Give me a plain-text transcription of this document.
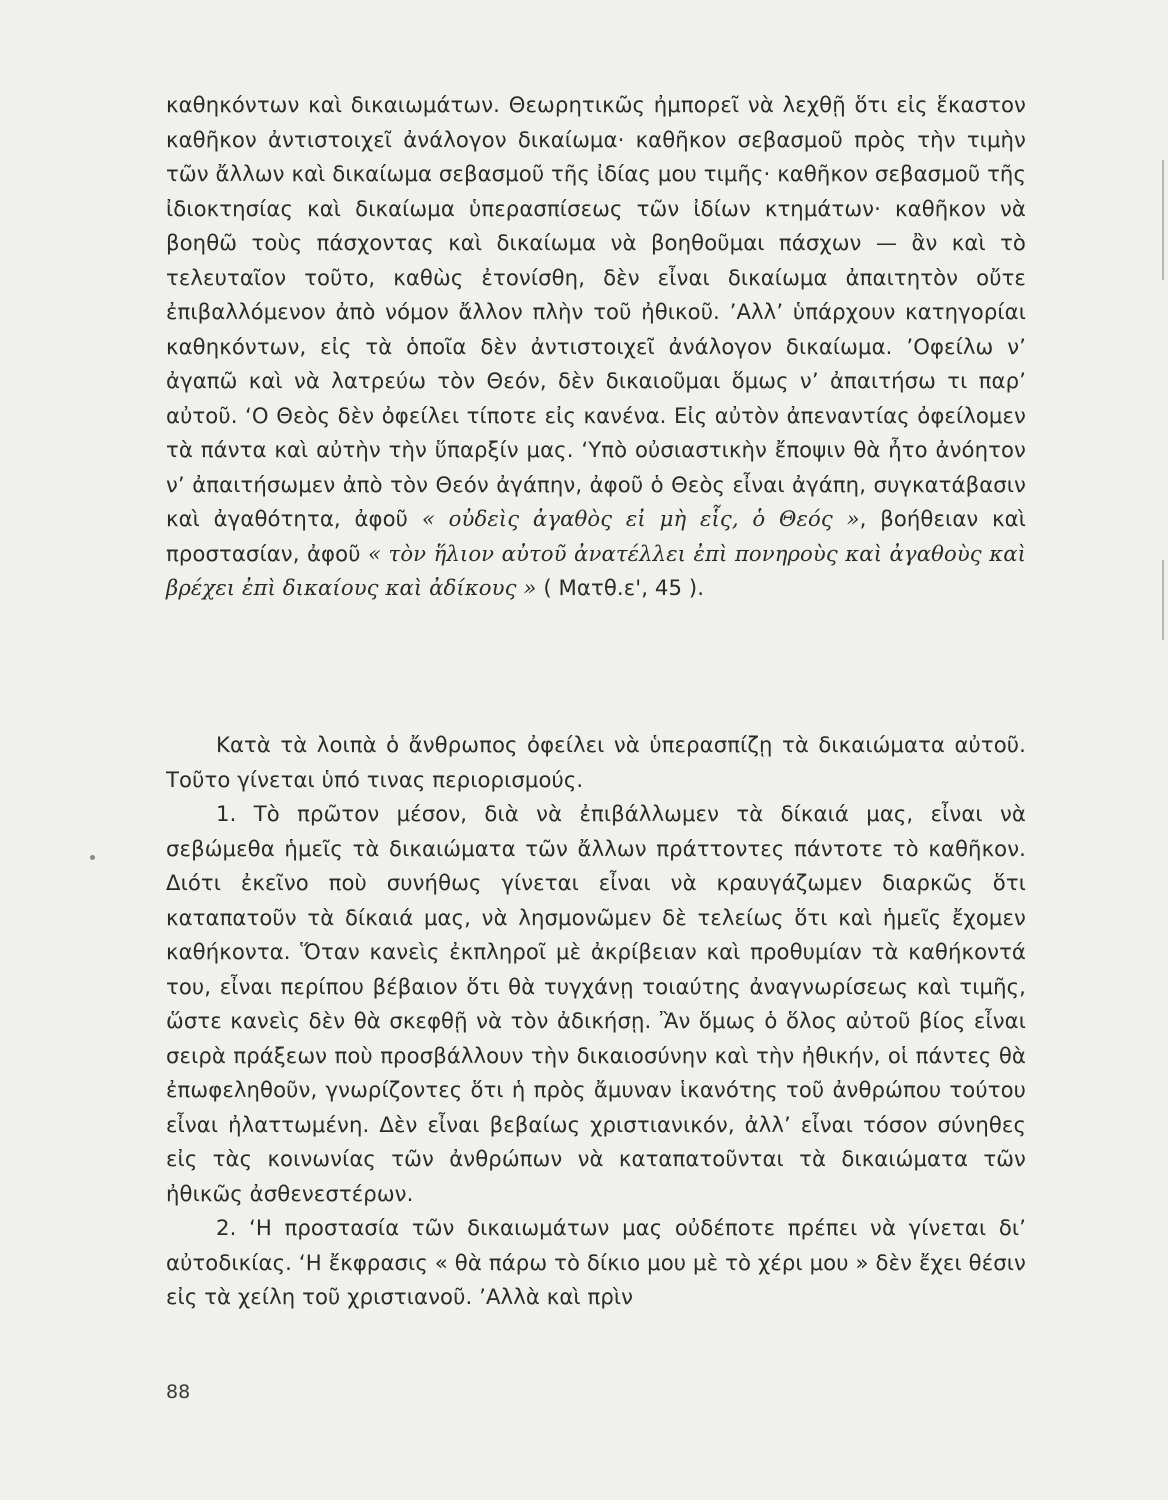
καθηκόντων καὶ δικαιωμάτων. Θεωρητικῶς ἠμπορεῖ νὰ λεχθῇ ὅτι εἰς ἕκαστον καθῆκον ἀντιστοιχεῖ ἀνάλογον δικαίωμα· καθῆκον σεβασμοῦ πρὸς τὴν τιμὴν τῶν ἄλλων καὶ δικαίωμα σεβασμοῦ τῆς ἰδίας μου τιμῆς· καθῆκον σεβασμοῦ τῆς ἰδιοκτησίας καὶ δικαίωμα ὑπερασπίσεως τῶν ἰδίων κτημάτων· καθῆκον νὰ βοηθῶ τοὺς πάσχοντας καὶ δικαίωμα νὰ βοηθοῦμαι πάσχων — ἂν καὶ τὸ τελευταῖον τοῦτο, καθὼς ἐτονίσθη, δὲν εἶναι δικαίωμα ἀπαιτητὸν οὔτε ἐπιβαλλόμενον ἀπὸ νόμον ἄλλον πλὴν τοῦ ἠθικοῦ. ’Αλλ’ ὑπάρχουν κατηγορίαι καθηκόντων, εἰς τὰ ὁποῖα δὲν ἀντιστοιχεῖ ἀνάλογον δικαίωμα. ’Οφείλω ν’ ἀγαπῶ καὶ νὰ λατρεύω τὸν Θεόν, δὲν δικαιοῦμαι ὅμως ν’ ἀπαιτήσω τι παρ’ αὐτοῦ. ‘Ο Θεὸς δὲν ὀφείλει τίποτε εἰς κανένα. Εἰς αὐτὸν ἀπεναντίας ὀφείλομεν τὰ πάντα καὶ αὐτὴν τὴν ὕπαρξίν μας. ‘Υπὸ οὐσιαστικὴν ἔποψιν θὰ ἦτο ἀνόητον ν’ ἀπαιτήσωμεν ἀπὸ τὸν Θεόν ἀγάπην, ἀφοῦ ὁ Θεὸς εἶναι ἀγάπη, συγκατάβασιν καὶ ἀγαθότητα, ἀφοῦ « οὐδεὶς ἀγαθὸς εἰ μὴ εἷς, ὁ Θεός », βοήθειαν καὶ προστασίαν, ἀφοῦ « τὸν ἥλιον αὐτοῦ ἀνατέλλει ἐπὶ πονηροὺς καὶ ἀγαθοὺς καὶ βρέχει ἐπὶ δικαίους καὶ ἀδίκους » ( Ματθ.ε', 45 ).

Κατὰ τὰ λοιπὰ ὁ ἄνθρωπος ὀφείλει νὰ ὑπερασπίζῃ τὰ δικαιώματα αὐτοῦ. Τοῦτο γίνεται ὑπό τινας περιορισμούς.

1. Τὸ πρῶτον μέσον, διὰ νὰ ἐπιβάλλωμεν τὰ δίκαιά μας, εἶναι νὰ σεβώμεθα ἡμεῖς τὰ δικαιώματα τῶν ἄλλων πράττοντες πάντοτε τὸ καθῆκον. Διότι ἐκεῖνο ποὺ συνήθως γίνεται εἶναι νὰ κραυγάζωμεν διαρκῶς ὅτι καταπατοῦν τὰ δίκαιά μας, νὰ λησμονῶμεν δὲ τελείως ὅτι καὶ ἡμεῖς ἔχομεν καθήκοντα. Ὅταν κανεὶς ἐκπληροῖ μὲ ἀκρίβειαν καὶ προθυμίαν τὰ καθήκοντά του, εἶναι περίπου βέβαιον ὅτι θὰ τυγχάνῃ τοιαύτης ἀναγνωρίσεως καὶ τιμῆς, ὥστε κανεὶς δὲν θὰ σκεφθῇ νὰ τὸν ἀδικήσῃ. Ἂν ὅμως ὁ ὅλος αὐτοῦ βίος εἶναι σειρὰ πράξεων ποὺ προσβάλλουν τὴν δικαιοσύνην καὶ τὴν ἠθικήν, οἱ πάντες θὰ ἐπωφεληθοῦν, γνωρίζοντες ὅτι ἡ πρὸς ἄμυναν ἱκανότης τοῦ ἀνθρώπου τούτου εἶναι ἠλαττωμένη. Δὲν εἶναι βεβαίως χριστιανικόν, ἀλλ’ εἶναι τόσον σύνηθες εἰς τὰς κοινωνίας τῶν ἀνθρώπων νὰ καταπατοῦνται τὰ δικαιώματα τῶν ἠθικῶς ἀσθενεστέρων.

2. ‘Η προστασία τῶν δικαιωμάτων μας οὐδέποτε πρέπει νὰ γίνεται δι’ αὐτοδικίας. ‘Η ἔκφρασις « θὰ πάρω τὸ δίκιο μου μὲ τὸ χέρι μου » δὲν ἔχει θέσιν εἰς τὰ χείλη τοῦ χριστιανοῦ. ’Αλλὰ καὶ πρὶν

88
